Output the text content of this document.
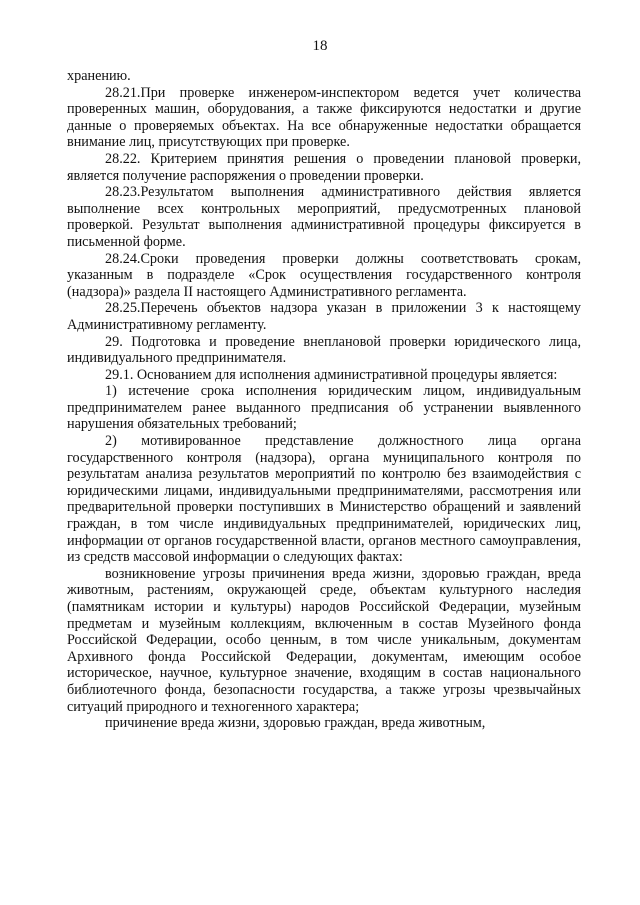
18

хранению.

28.21.При проверке инженером-инспектором ведется учет количества проверенных машин, оборудования, а также фиксируются недостатки и другие данные о проверяемых объектах. На все обнаруженные недостатки обращается внимание лиц, присутствующих при проверке.

28.22. Критерием принятия решения о проведении плановой проверки, является получение распоряжения о проведении проверки.

28.23.Результатом выполнения административного действия является выполнение всех контрольных мероприятий, предусмотренных плановой проверкой. Результат выполнения административной процедуры фиксируется в письменной форме.

28.24.Сроки проведения проверки должны соответствовать срокам, указанным в подразделе «Срок осуществления государственного контроля (надзора)» раздела II настоящего Административного регламента.

28.25.Перечень объектов надзора указан в приложении 3 к настоящему Административному регламенту.

29. Подготовка и проведение внеплановой проверки юридического лица, индивидуального предпринимателя.

29.1. Основанием для исполнения административной процедуры является:

1) истечение срока исполнения юридическим лицом, индивидуальным предпринимателем ранее выданного предписания об устранении выявленного нарушения обязательных требований;

2) мотивированное представление должностного лица органа государственного контроля (надзора), органа муниципального контроля по результатам анализа результатов мероприятий по контролю без взаимодействия с юридическими лицами, индивидуальными предпринимателями, рассмотрения или предварительной проверки поступивших в Министерство обращений и заявлений граждан, в том числе индивидуальных предпринимателей, юридических лиц, информации от органов государственной власти, органов местного самоуправления, из средств массовой информации о следующих фактах:

возникновение угрозы причинения вреда жизни, здоровью граждан, вреда животным, растениям, окружающей среде, объектам культурного наследия (памятникам истории и культуры) народов Российской Федерации, музейным предметам и музейным коллекциям, включенным в состав Музейного фонда Российской Федерации, особо ценным, в том числе уникальным, документам Архивного фонда Российской Федерации, документам, имеющим особое историческое, научное, культурное значение, входящим в состав национального библиотечного фонда, безопасности государства, а также угрозы чрезвычайных ситуаций природного и техногенного характера;

причинение вреда жизни, здоровью граждан, вреда животным,
